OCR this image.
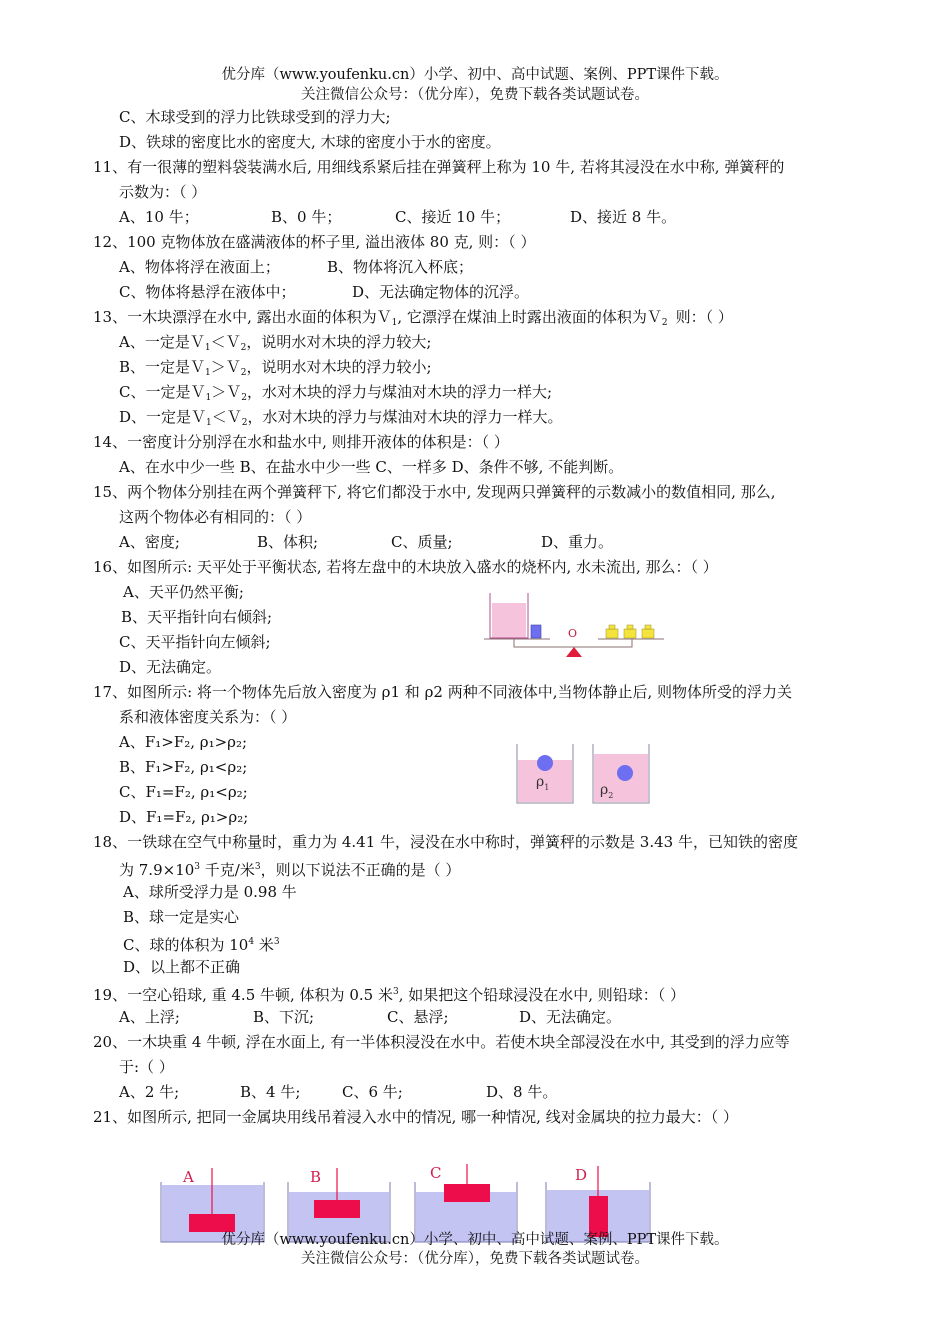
优分库（www.youfenku.cn）小学、初中、高中试题、案例、PPT课件下载。
关注微信公众号：（优分库），免费下载各类试题试卷。
C、木球受到的浮力比铁球受到的浮力大;
D、铁球的密度比水的密度大, 木球的密度小于水的密度。
11、有一很薄的塑料袋装满水后, 用细线系紧后挂在弹簧秤上称为 10 牛, 若将其浸没在水中称, 弹簧秤的
示数为：（ ）
A、10 牛；	B、0 牛；	C、接近 10 牛；	D、接近 8 牛。
12、100 克物体放在盛满液体的杯子里, 溢出液体 80 克, 则：（ ）
A、物体将浮在液面上；	B、物体将沉入杯底；
C、物体将悬浮在液体中；	D、无法确定物体的沉浮。
13、一木块漂浮在水中, 露出水面的体积为Ｖ$_1$, 它漂浮在煤油上时露出液面的体积为Ｖ$_2$ 则：（ ）
A、一定是Ｖ$_1$＜Ｖ$_2$，说明水对木块的浮力较大;
B、一定是Ｖ$_1$＞Ｖ$_2$，说明水对木块的浮力较小;
C、一定是Ｖ$_1$＞Ｖ$_2$，水对木块的浮力与煤油对木块的浮力一样大;
D、一定是Ｖ$_1$＜Ｖ$_2$，水对木块的浮力与煤油对木块的浮力一样大。
14、一密度计分别浮在水和盐水中, 则排开液体的体积是：（ ）
A、在水中少一些 B、在盐水中少一些 C、一样多 D、条件不够, 不能判断。
15、两个物体分别挂在两个弹簧秤下, 将它们都没于水中, 发现两只弹簧秤的示数减小的数值相同, 那么,
这两个物体必有相同的：（ ）
A、密度;	B、体积;	C、质量;	D、重力。
16、如图所示: 天平处于平衡状态, 若将左盘中的木块放入盛水的烧杯内, 水未流出, 那么：（ ）
A、天平仍然平衡;
B、天平指针向右倾斜;
C、天平指针向左倾斜;
D、无法确定。
O
17、如图所示: 将一个物体先后放入密度为 ρ1 和 ρ2 两种不同液体中,当物体静止后, 则物体所受的浮力关
系和液体密度关系为：（ ）
A、F₁>F₂, ρ₁>ρ₂;
B、F₁>F₂, ρ₁<ρ₂;
C、F₁=F₂, ρ₁<ρ₂;
D、F₁=F₂, ρ₁>ρ₂;
$\rho_1$	$\rho_2$
18、一铁球在空气中称量时，重力为 4.41 牛，浸没在水中称时，弹簧秤的示数是 3.43 牛，已知铁的密度
为 $7.9\times 10^3$ 千克/米$^3$，则以下说法不正确的是（ ）
A、球所受浮力是 0.98 牛
B、球一定是实心
C、球的体积为 $10^4$ 米$^3$
D、以上都不正确
19、一空心铅球, 重 4.5 牛顿, 体积为 0.5 米$^3$, 如果把这个铅球浸没在水中, 则铅球：（ ）
A、上浮;	B、下沉;	C、悬浮;	D、无法确定。
20、一木块重 4 牛顿, 浮在水面上, 有一半体积浸没在水中。若使木块全部浸没在水中, 其受到的浮力应等
于:（ ）
A、2 牛;	B、4 牛;	C、6 牛;	D、8 牛。
21、如图所示, 把同一金属块用线吊着浸入水中的情况, 哪一种情况, 线对金属块的拉力最大：（ ）
A	B	C	D
优分库（www.youfenku.cn）小学、初中、高中试题、案例、PPT课件下载。
关注微信公众号：（优分库），免费下载各类试题试卷。
